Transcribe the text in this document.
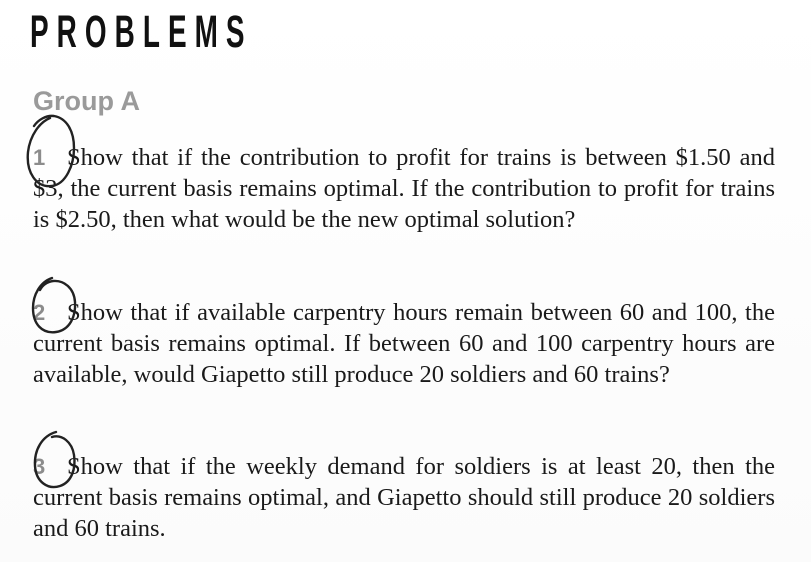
PROBLEMS
Group A

1 Show that if the contribution to profit for trains is between $1.50 and $3, the current basis remains optimal. If the contribution to profit for trains is $2.50, then what would be the new optimal solution?

2 Show that if available carpentry hours remain between 60 and 100, the current basis remains optimal. If between 60 and 100 carpentry hours are available, would Giapetto still produce 20 soldiers and 60 trains?

3 Show that if the weekly demand for soldiers is at least 20, then the current basis remains optimal, and Giapetto should still produce 20 soldiers and 60 trains.
